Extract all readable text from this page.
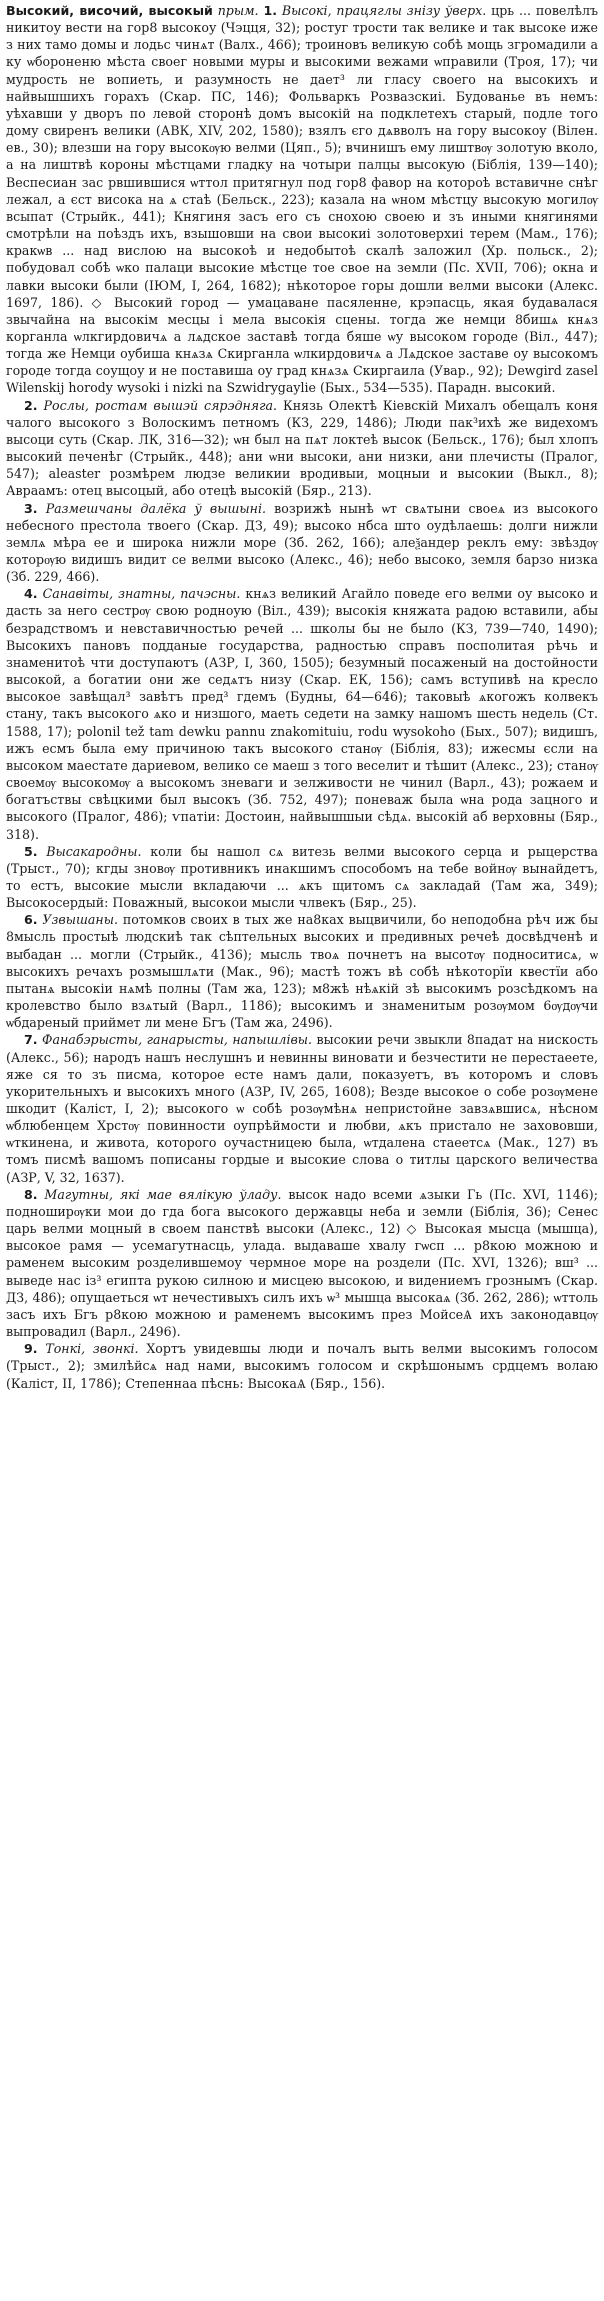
Высокий, височий, высокый прым. 1. Высокі, працяглы знізу ўверх. црь ... повелѣлъ никитоу вести на гор8 высокоу (Чэцця, 32); ростуг трости так велике и так высоке иже з них тамо домы и лодьс чинѧт (Валх., 466); троиновъ великую собѣ мощь згромадили а ку ѡбороненю мѣста своег новыми муры и высокими вежами ѡправили (Троя, 17); чи мудрость не вопиеть, и разумность не дает³ ли гласу своего на высокихъ и найвышшихъ горахъ (Скар. ПС, 146); Фольваркъ Розвазскиі. Будованье въ немъ: уѣхавши у дворъ по левой сторонѣ домъ высокій на подклетехъ старый, подле того дому свиренъ велики (АВК, XIV, 202, 1580); взялъ єго дѧвволъ на гору высокоу (Вілен. ев., 30); влезши на гору высокѹю велми (Цяп., 5); вчинишъ ему лиштвѹ золотую вколо, а на лиштвѣ короны мѣстцами гладку на чотыри палцы высокую (Біблія, 139—140); Веспесиан зас рвшившися ѡттол притягнул под гор8 фавор на котороѣ вставичне снѣг лежал, а єст висока на ѧ стаѣ (Бельск., 223); казала на ѡном мѣстцу высокую могилѹ всыпат (Стрыйк., 441); Княгиня засъ его съ снохою своею и зъ иными княгинями смотрѣли на поѣздъ ихъ, взышовши на свои высокиі золотоверхиі терем (Мам., 176); кракѡв ... над вислою на высокоѣ и недобытоѣ скалѣ заложил (Хр. польск., 2); побудовал собѣ ѡко палаци высокие мѣстце тое свое на земли (Пс. XVII, 706); окна и лавки высоки были (ІЮМ, I, 264, 1682); нѣкоторое горы дошли велми высоки (Алекс. 1697, 186). ◇ Высокий город — умацаване пасяленне, крэпасць, якая будавалася звычайна на высокім месцы і мела высокія сцены. тогда же немци 8бишѧ кнѧз корганла ѡлкгирдовичѧ а лѧдское заставѣ тогда бяше ѡу высоком городе (Віл., 447); тогда же Немци оубиша кнѧзѧ Скирганла ѡлкирдовичѧ а Лѧдское заставе оу высокомъ городе тогда соущоу и не поставиша оу град кнѧзѧ Скиргаила (Увар., 92); Dewgird zasel Wilenskij horody wysoki i nizki na Szwidrygaylie (Бых., 534—535). Парадн. высокий.

2. Рослы, ростам вышэй сярэдняга. Князь Олектѣ Кіевскій Михалъ обещалъ коня чалого высокого з Волоскимъ петномъ (КЗ, 229, 1486); Люди пак³ихѣ же видехомъ высоци суть (Скар. ЛК, 316—32); ѡн был на пѧт локтеѣ высок (Бельск., 176); был хлопъ высокий печенѣг (Стрыйк., 448); ани ѡни высоки, ани низки, ани плечисты (Пралог, 547); aleaster розмѣрем людзе великии вродивыи, моцныи и высокии (Выкл., 8); Авраамъ: отец высоцый, або отецѣ высокій (Бяр., 213).

3. Размешчаны далёка ў вышыні. возрижѣ нынѣ ѡт свѧтыни своеѧ из высокого небесного престола твоего (Скар. ДЗ, 49); высоко нбса што оудѣлаешь: долги нижли землѧ мѣра ее и широка нижли море (Зб. 262, 166); алеѯандер реклъ ему: звѣздѹ которѹю видишъ видит се велми высоко (Алекс., 46); небо высоко, земля барзо низка (Зб. 229, 466).

4. Санавіты, знатны, пачэсны. кнѧз великий Агайло поведе его велми оу высоко и дасть за него сестрѹ свою родноую (Віл., 439); высокія княжата радою вставили, абы безрадствомъ и невставичностью речей ... школы бы не было (КЗ, 739—740, 1490); Высокихъ пановъ подданые государства, радностью справъ посполитая рѣчь и знаменитоѣ чти доступаютъ (АЗР, I, 360, 1505); безумный посаженый на достойности высокой, а богатии они же седѧтъ низу (Скар. ЕК, 156); самъ вступивѣ на кресло высокое завѣщал³ завѣтъ пред³ гдемъ (Будны, 64—646); таковыѣ ѧкогожъ колвекъ стану, такъ высокого ѧко и низшого, маеть седети на замку нашомъ шесть недель (Ст. 1588, 17); polonil tež tam dewku pannu znakomituiu, rodu wysokoho (Бых., 507); видишъ, ижъ есмъ была ему причиною такъ высокого станѹ (Біблія, 83); ижесмы єсли на высоком маестате дариевом, велико се маеш з того веселит и тѣшит (Алекс., 23); станѹ своемѹ высокомѹ а высокомъ зневаги и зелживости не чинил (Варл., 43); рожаем и богатъствы свѣцкими был высокъ (Зб. 752, 497); поневаж была ѡна рода зацного и высокого (Пралог, 486); ѵпатіи: Достоин, найвышшыи сѣдѧ. высокій аб верховны (Бяр., 318).

5. Высакародны. коли бы нашол сѧ витезь велми высокого серца и рыцерства (Трыст., 70); кгды зновѹ противникъ инакшимъ способомъ на тебе войнѹ вынайдетъ, то естъ, высокие мысли вкладаючи ... ѧкъ щитомъ сѧ закладай (Там жа, 349); Высокосердый: Поважный, высокои мысли члвекъ (Бяр., 25).

6. Узвышаны. потомков своих в тых же на8ках выцвичили, бо неподобна рѣч иж бы 8мысль простыѣ людскиѣ так сѣптельных высоких и предивных речеѣ досвѣдченѣ и выбадан ... могли (Стрыйк., 4136); мысль твоѧ почнетъ на высотѹ подноситисѧ, ѡ высокихъ речахъ розмышлѧти (Мак., 96); мастѣ тожъ вѣ собѣ нѣкоторїи квестїи або пытанѧ высокіи нѧмѣ полны (Там жа, 123); м8жѣ нѣѧкій зѣ высокимъ розсѣдкомъ на кролевство было взѧтый (Варл., 1186); высокимъ и знаменитым розѹмом 6ѹдѹчи ѡбдареный приймет ли мене Бгъ (Там жа, 2496).

7. Фанабэрысты, ганарысты, напышлівы. высокии речи звыкли 8падат на нискость (Алекс., 56); народъ нашъ неслушнъ и невинны виновати и безчестити не перестаеете, яже ся то зъ писма, которое есте намъ дали, показуетъ, въ которомъ и словъ укорительныхъ и высокихъ много (АЗР, IV, 265, 1608); Везде высокое о собе розѹмене шкодит (Каліст, I, 2); высокого ѡ собѣ розѹмѣнѧ непристойне завзѧвшисѧ, нѣсном ѡблюбенцем Хрстѹ повинности оупрѣймости и любви, ѧкъ пристало не захововши, ѡткинена, и живота, которого оучастницею была, ѡтдалена стаеетсѧ (Мак., 127) въ томъ писмѣ вашомъ пописаны гордые и высокие слова о титлы царского величества (АЗР, V, 32, 1637).

8. Магутны, які мае вялікую ўладу. высок надо всеми ѧзыки Гь (Пс. XVI, 1146); подноширѹки мои до гда бога высокого державцы неба и земли (Біблія, 36); Сенес царь велми моцный в своем панствѣ высоки (Алекс., 12) ◇ Высокая мысца (мышца), высокое рамя — усемагутнасць, улада. выдаваше хвалу гѡсп ... р8кою можною и раменем высоким розделившемоу чермное море на роздели (Пс. XVI, 1326); вш³ ... выведе нас із³ египта рукою силною и мисцею высокою, и видениемъ грознымъ (Скар. ДЗ, 486); опущаеться ѡт нечестивыхъ силъ ихъ ѡ³ мышца высокаѧ (Зб. 262, 286); ѡттоль засъ ихъ Бгъ р8кою можною и раменемъ высокимъ през МойсеѦ ихъ законодавцѹ выпровадил (Варл., 2496).

9. Тонкі, звонкі. Хортъ увидевшы люди и почалъ выть велми высокимъ голосом (Трыст., 2); змилѣйсѧ над нами, высокимъ голосом и скрѣшонымъ срдцемъ волаю (Каліст, II, 1786); Степеннаа пѣснь: ВысокаѦ (Бяр., 156).
